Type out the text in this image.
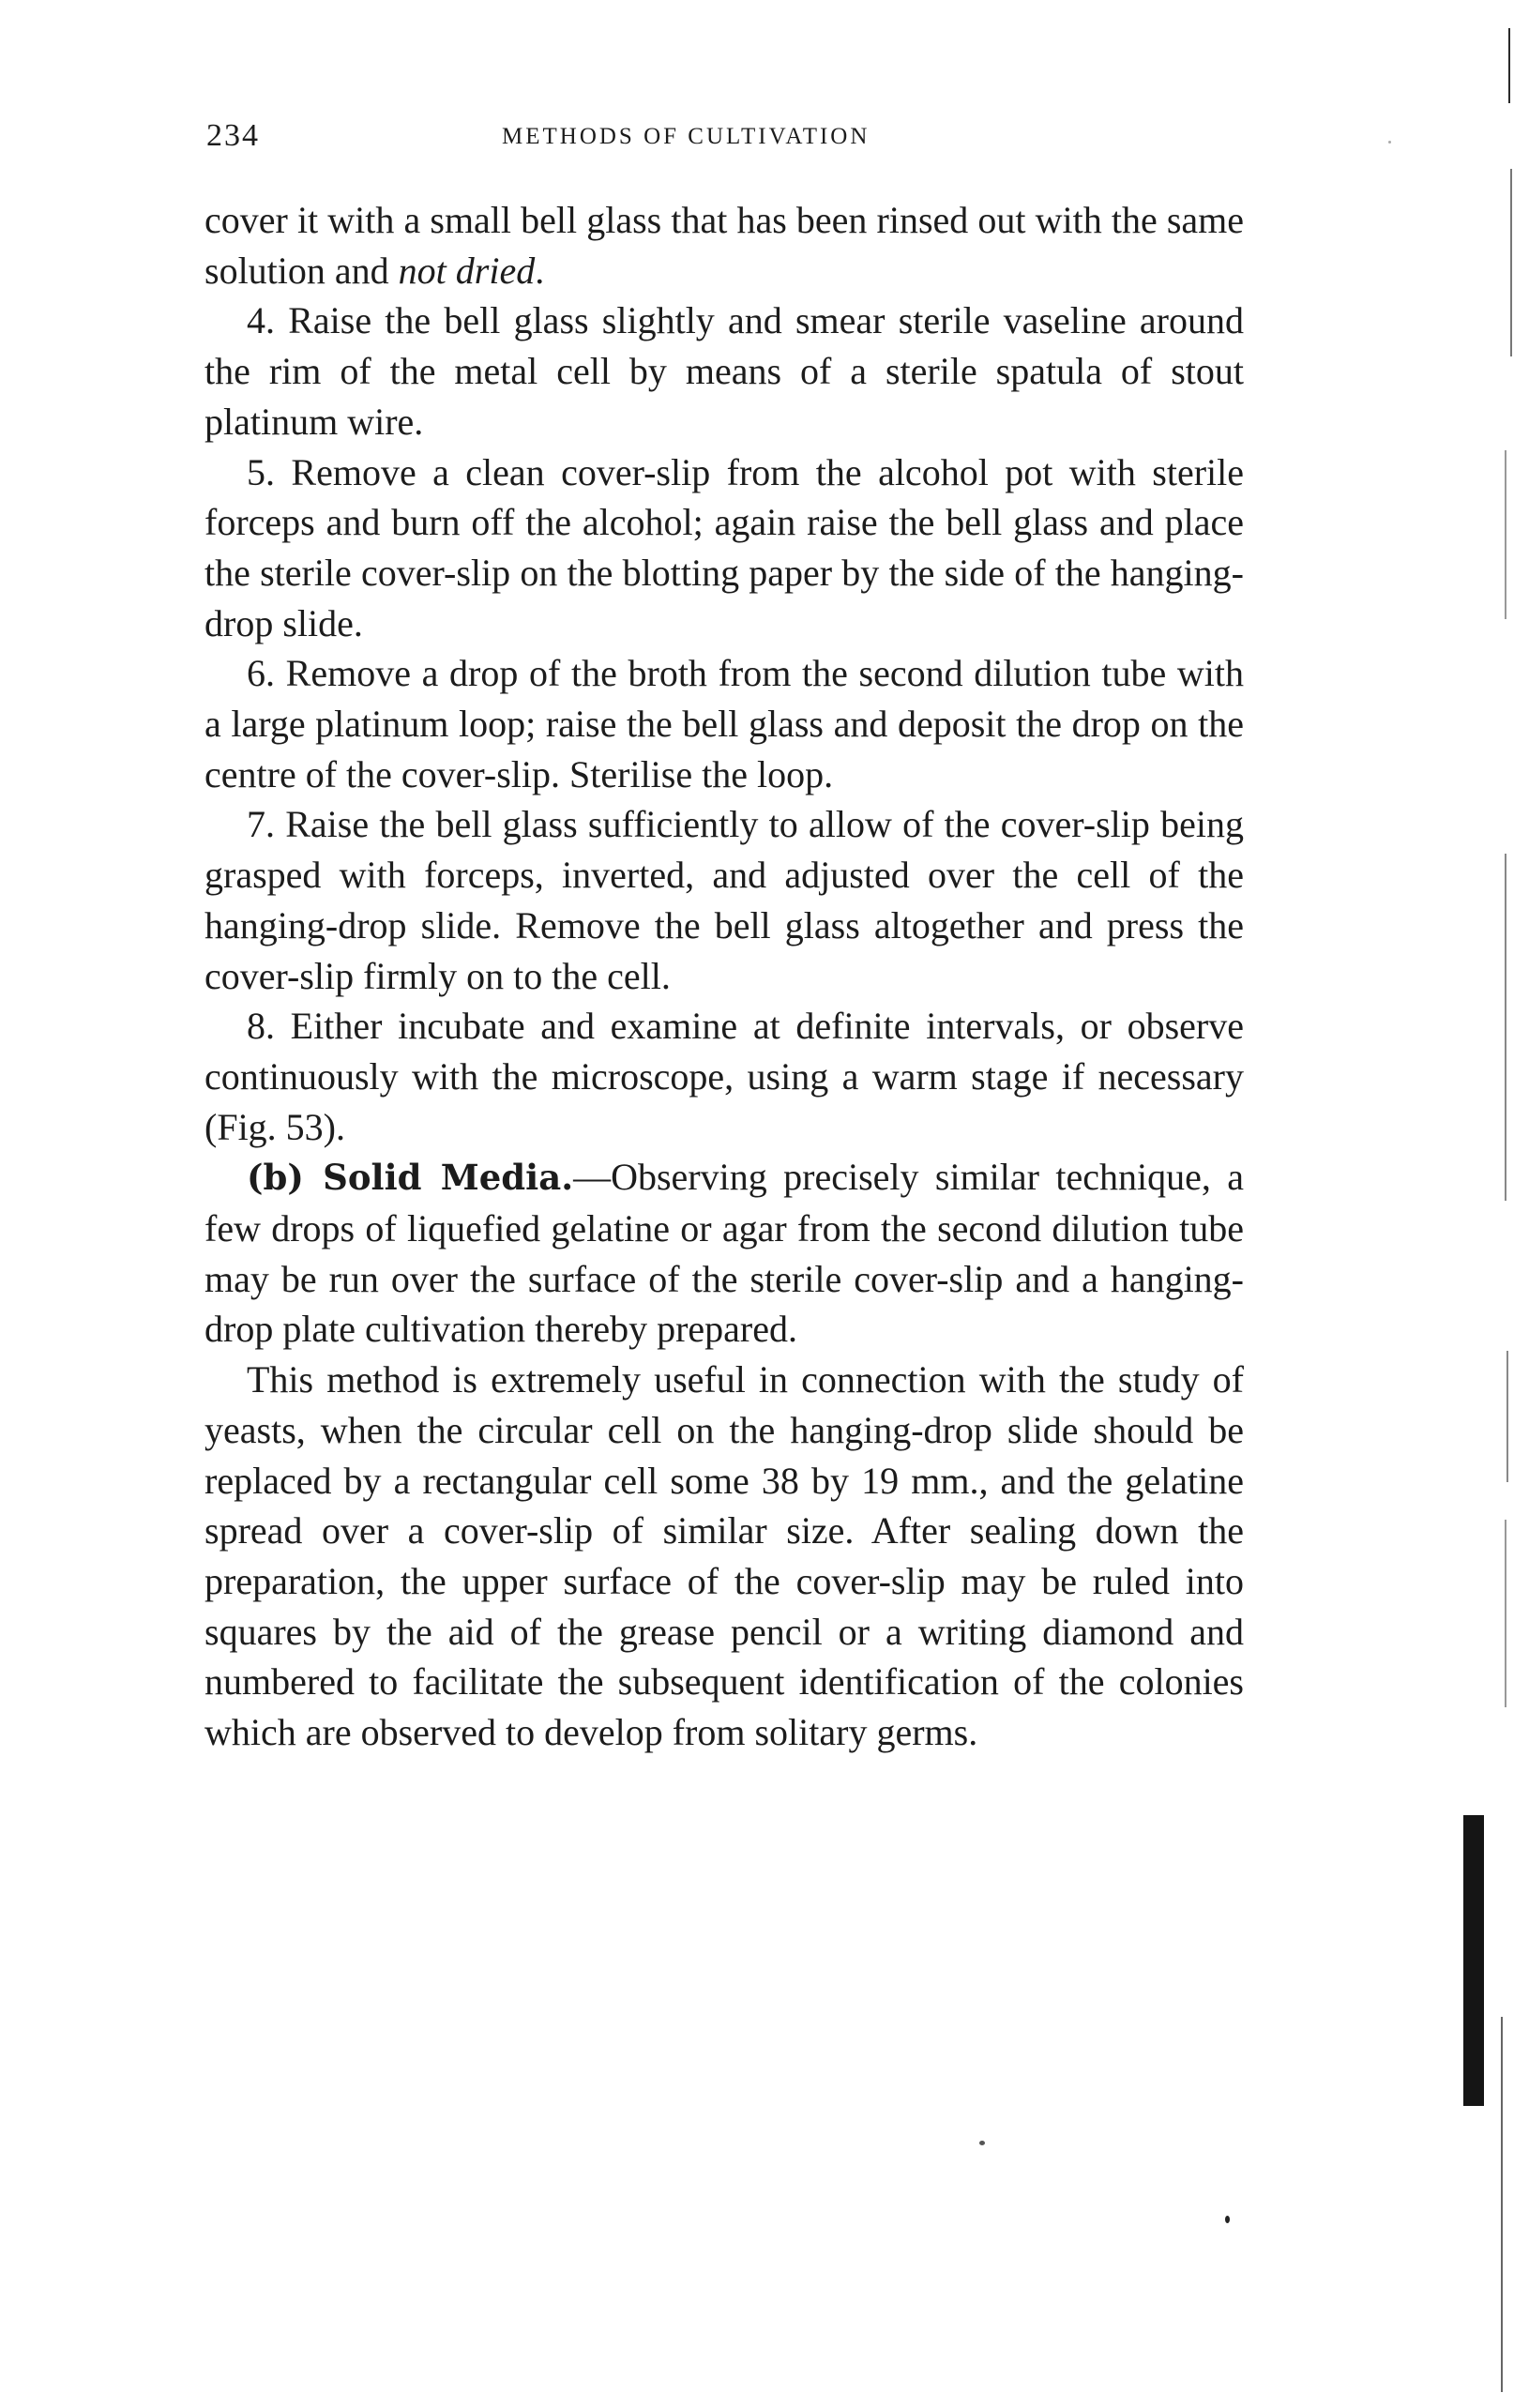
234	METHODS OF CULTIVATION

cover it with a small bell glass that has been rinsed out with the same solution and not dried.

4. Raise the bell glass slightly and smear sterile vaseline around the rim of the metal cell by means of a sterile spatula of stout platinum wire.

5. Remove a clean cover-slip from the alcohol pot with sterile forceps and burn off the alcohol; again raise the bell glass and place the sterile cover-slip on the blotting paper by the side of the hanging-drop slide.

6. Remove a drop of the broth from the second dilution tube with a large platinum loop; raise the bell glass and deposit the drop on the centre of the cover-slip. Sterilise the loop.

7. Raise the bell glass sufficiently to allow of the cover-slip being grasped with forceps, inverted, and adjusted over the cell of the hanging-drop slide. Remove the bell glass altogether and press the cover-slip firmly on to the cell.

8. Either incubate and examine at definite intervals, or observe continuously with the microscope, using a warm stage if necessary (Fig. 53).

(b) Solid Media.—Observing precisely similar technique, a few drops of liquefied gelatine or agar from the second dilution tube may be run over the surface of the sterile cover-slip and a hanging-drop plate cultivation thereby prepared.

This method is extremely useful in connection with the study of yeasts, when the circular cell on the hanging-drop slide should be replaced by a rectangular cell some 38 by 19 mm., and the gelatine spread over a cover-slip of similar size. After sealing down the preparation, the upper surface of the cover-slip may be ruled into squares by the aid of the grease pencil or a writing diamond and numbered to facilitate the subsequent identification of the colonies which are observed to develop from solitary germs.
